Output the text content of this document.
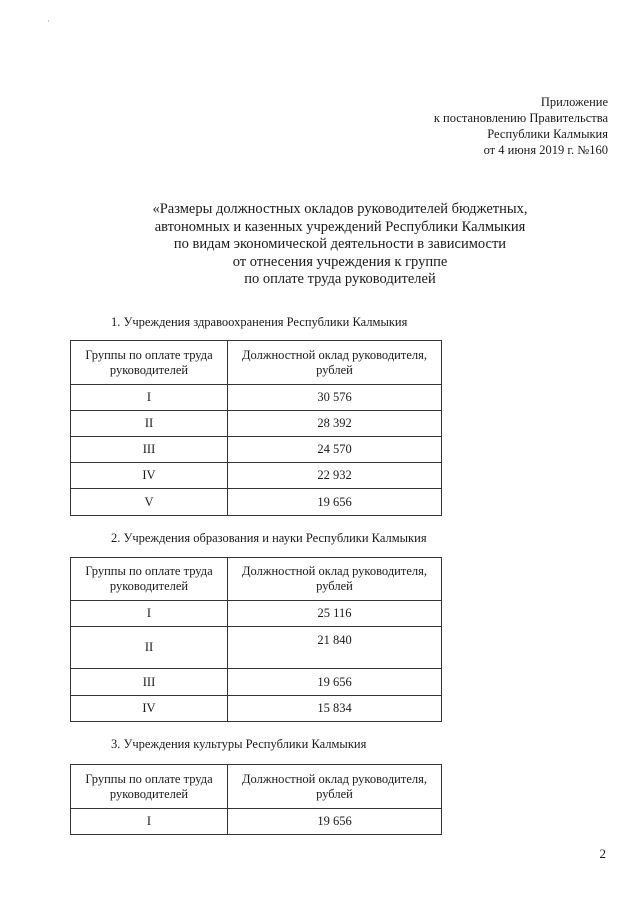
·
Приложение
к постановлению Правительства
Республики Калмыкия
от 4 июня 2019 г. №160
«Размеры должностных окладов руководителей бюджетных,
автономных и казенных учреждений Республики Калмыкия
по видам экономической деятельности в зависимости
от отнесения учреждения к группе
по оплате труда руководителей
1. Учреждения здравоохранения Республики Калмыкия
Группы по оплате труда
руководителей	Должностной оклад руководителя,
рублей
I	30 576
II	28 392
III	24 570
IV	22 932
V	19 656
2. Учреждения образования и науки Республики Калмыкия
Группы по оплате труда
руководителей	Должностной оклад руководителя,
рублей
I	25 116
II	21 840
III	19 656
IV	15 834
3. Учреждения культуры Республики Калмыкия
Группы по оплате труда
руководителей	Должностной оклад руководителя,
рублей
I	19 656
2
